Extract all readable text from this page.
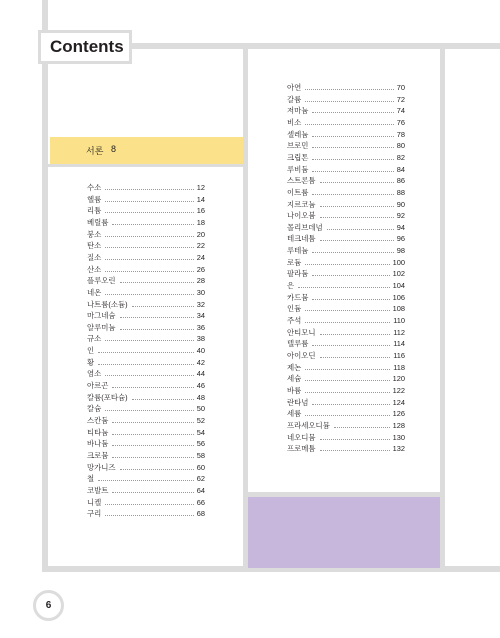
Contents
서론 8
수소	12
헬륨	14
리튬	16
베릴륨	18
붕소	20
탄소	22
질소	24
산소	26
플루오린	28
네온	30
나트륨(소듐)	32
마그네슘	34
알루미늄	36
규소	38
인	40
황	42
염소	44
아르곤	46
칼륨(포타슘)	48
칼슘	50
스칸듐	52
티타늄	54
바나듐	56
크로뮴	58
망가니즈	60
철	62
코발트	64
니켈	66
구리	68
아연	70
갈륨	72
저마늄	74
비소	76
셀레늄	78
브로민	80
크립톤	82
루비듐	84
스트론튬	86
이트륨	88
지르코늄	90
나이오븀	92
몰리브데넘	94
테크네튬	96
루테늄	98
로듐	100
팔라듐	102
은	104
카드뮴	106
인듐	108
주석	110
안티모니	112
텔루륨	114
아이오딘	116
제논	118
세슘	120
바륨	122
란타넘	124
세륨	126
프라세오디뮴	128
네오디뮴	130
프로메튬	132
6
